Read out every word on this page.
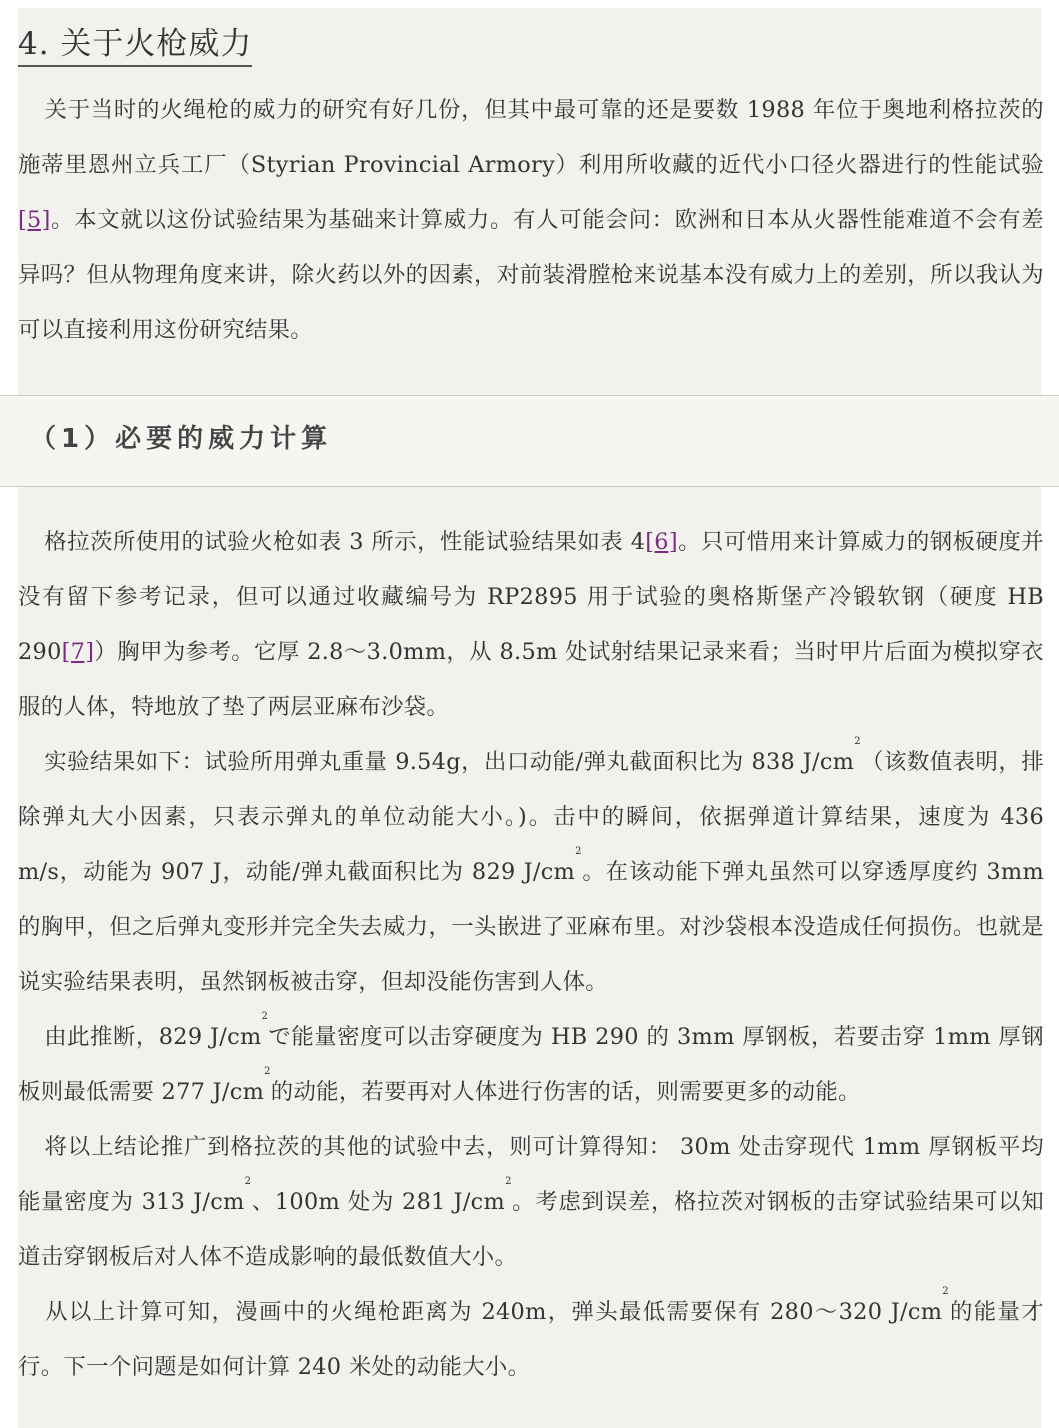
4. 关于火枪威力

关于当时的火绳枪的威力的研究有好几份，但其中最可靠的还是要数 1988 年位于奥地利格拉茨的施蒂里恩州立兵工厂（Styrian Provincial Armory）利用所收藏的近代小口径火器进行的性能试验[5]。本文就以这份试验结果为基础来计算威力。有人可能会问：欧洲和日本从火器性能难道不会有差异吗？但从物理角度来讲，除火药以外的因素，对前装滑膛枪来说基本没有威力上的差别，所以我认为可以直接利用这份研究结果。

（1）必要的威力计算

格拉茨所使用的试验火枪如表 3 所示，性能试验结果如表 4[6]。只可惜用来计算威力的钢板硬度并没有留下参考记录，但可以通过收藏编号为 RP2895 用于试验的奥格斯堡产冷锻软钢（硬度 HB 290[7]）胸甲为参考。它厚 2.8～3.0mm，从 8.5m 处试射结果记录来看；当时甲片后面为模拟穿衣服的人体，特地放了垫了两层亚麻布沙袋。

实验结果如下：试验所用弹丸重量 9.54g，出口动能/弹丸截面积比为 838 $J/cm^2$（该数值表明，排除弹丸大小因素，只表示弹丸的单位动能大小。)。击中的瞬间，依据弹道计算结果，速度为 436 m/s，动能为 907 J，动能/弹丸截面积比为 829 $J/cm^2$。在该动能下弹丸虽然可以穿透厚度约 3mm 的胸甲，但之后弹丸变形并完全失去威力，一头嵌进了亚麻布里。对沙袋根本没造成任何损伤。也就是说实验结果表明，虽然钢板被击穿，但却没能伤害到人体。

由此推断，829 $J/cm^2$で能量密度可以击穿硬度为 HB 290 的 3mm 厚钢板，若要击穿 1mm 厚钢板则最低需要 277 $J/cm^2$的动能，若要再对人体进行伤害的话，则需要更多的动能。

将以上结论推广到格拉茨的其他的试验中去，则可计算得知： 30m 处击穿现代 1mm 厚钢板平均能量密度为 313 $J/cm^2$、100m 处为 281 $J/cm^2$。考虑到误差，格拉茨对钢板的击穿试验结果可以知道击穿钢板后对人体不造成影响的最低数值大小。

从以上计算可知，漫画中的火绳枪距离为 240m，弹头最低需要保有 280～320 $J/cm^2$的能量才行。下一个问题是如何计算 240 米处的动能大小。
